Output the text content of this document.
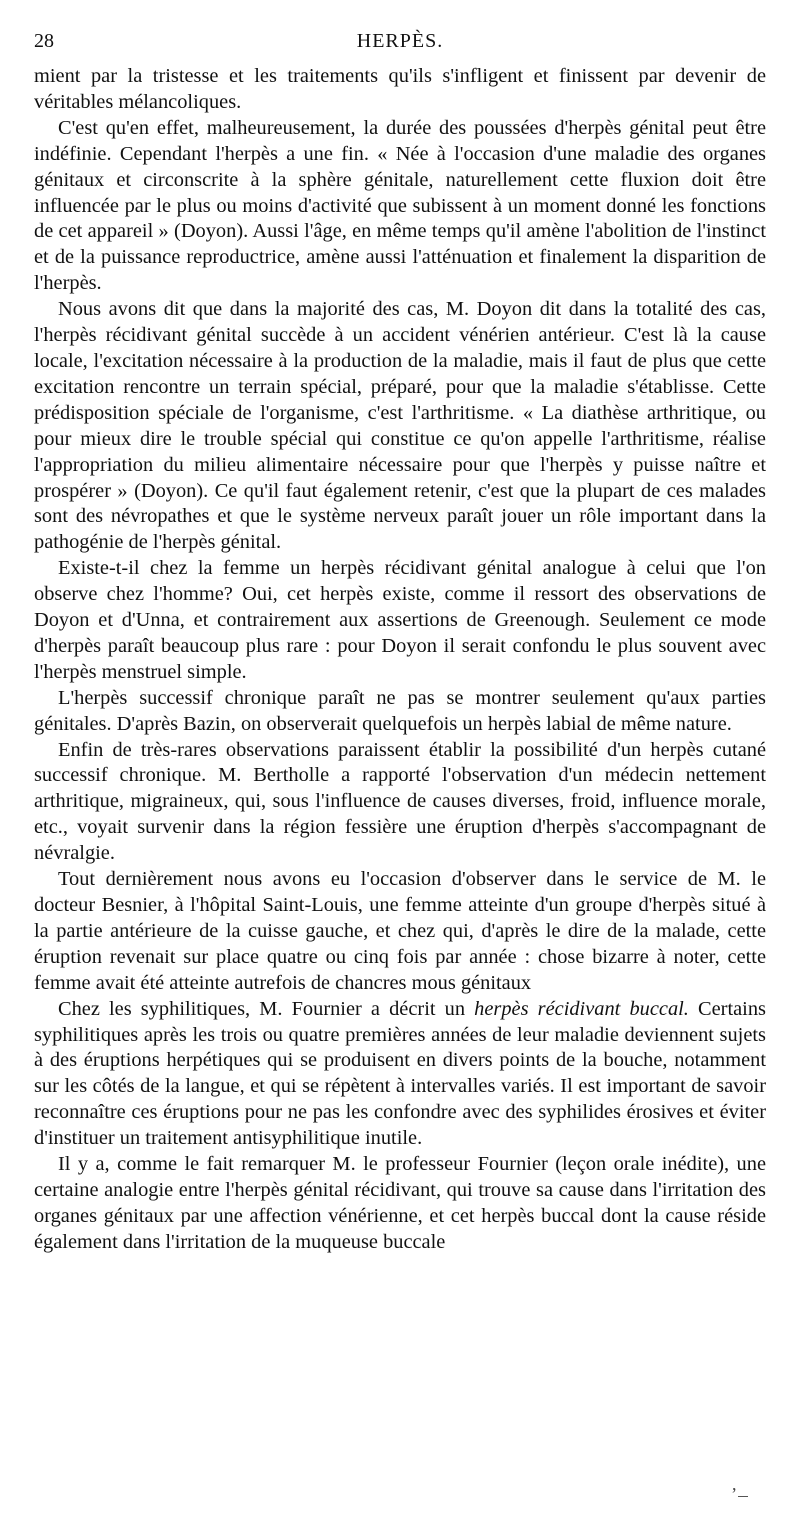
28	HERPÈS.

mient par la tristesse et les traitements qu'ils s'infligent et finissent par devenir de véritables mélancoliques.

C'est qu'en effet, malheureusement, la durée des poussées d'herpès génital peut être indéfinie. Cependant l'herpès a une fin. « Née à l'occasion d'une maladie des organes génitaux et circonscrite à la sphère génitale, naturellement cette fluxion doit être influencée par le plus ou moins d'activité que subissent à un moment donné les fonctions de cet appareil » (Doyon). Aussi l'âge, en même temps qu'il amène l'abolition de l'instinct et de la puissance reproductrice, amène aussi l'atténuation et finalement la disparition de l'herpès.

Nous avons dit que dans la majorité des cas, M. Doyon dit dans la totalité des cas, l'herpès récidivant génital succède à un accident vénérien antérieur. C'est là la cause locale, l'excitation nécessaire à la production de la maladie, mais il faut de plus que cette excitation rencontre un terrain spécial, préparé, pour que la maladie s'établisse. Cette prédisposition spéciale de l'organisme, c'est l'arthritisme. « La diathèse arthritique, ou pour mieux dire le trouble spécial qui constitue ce qu'on appelle l'arthritisme, réalise l'appropriation du milieu alimentaire nécessaire pour que l'herpès y puisse naître et prospérer » (Doyon). Ce qu'il faut également retenir, c'est que la plupart de ces malades sont des névropathes et que le système nerveux paraît jouer un rôle important dans la pathogénie de l'herpès génital.

Existe-t-il chez la femme un herpès récidivant génital analogue à celui que l'on observe chez l'homme? Oui, cet herpès existe, comme il ressort des observations de Doyon et d'Unna, et contrairement aux assertions de Greenough. Seulement ce mode d'herpès paraît beaucoup plus rare : pour Doyon il serait confondu le plus souvent avec l'herpès menstruel simple.

L'herpès successif chronique paraît ne pas se montrer seulement qu'aux parties génitales. D'après Bazin, on observerait quelquefois un herpès labial de même nature.

Enfin de très-rares observations paraissent établir la possibilité d'un herpès cutané successif chronique. M. Bertholle a rapporté l'observation d'un médecin nettement arthritique, migraineux, qui, sous l'influence de causes diverses, froid, influence morale, etc., voyait survenir dans la région fessière une éruption d'herpès s'accompagnant de névralgie.

Tout dernièrement nous avons eu l'occasion d'observer dans le service de M. le docteur Besnier, à l'hôpital Saint-Louis, une femme atteinte d'un groupe d'herpès situé à la partie antérieure de la cuisse gauche, et chez qui, d'après le dire de la malade, cette éruption revenait sur place quatre ou cinq fois par année : chose bizarre à noter, cette femme avait été atteinte autrefois de chancres mous génitaux

Chez les syphilitiques, M. Fournier a décrit un herpès récidivant buccal. Certains syphilitiques après les trois ou quatre premières années de leur maladie deviennent sujets à des éruptions herpétiques qui se produisent en divers points de la bouche, notamment sur les côtés de la langue, et qui se répètent à intervalles variés. Il est important de savoir reconnaître ces éruptions pour ne pas les confondre avec des syphilides érosives et éviter d'instituer un traitement antisyphilitique inutile.

Il y a, comme le fait remarquer M. le professeur Fournier (leçon orale inédite), une certaine analogie entre l'herpès génital récidivant, qui trouve sa cause dans l'irritation des organes génitaux par une affection vénérienne, et cet herpès buccal dont la cause réside également dans l'irritation de la muqueuse buccale

,
